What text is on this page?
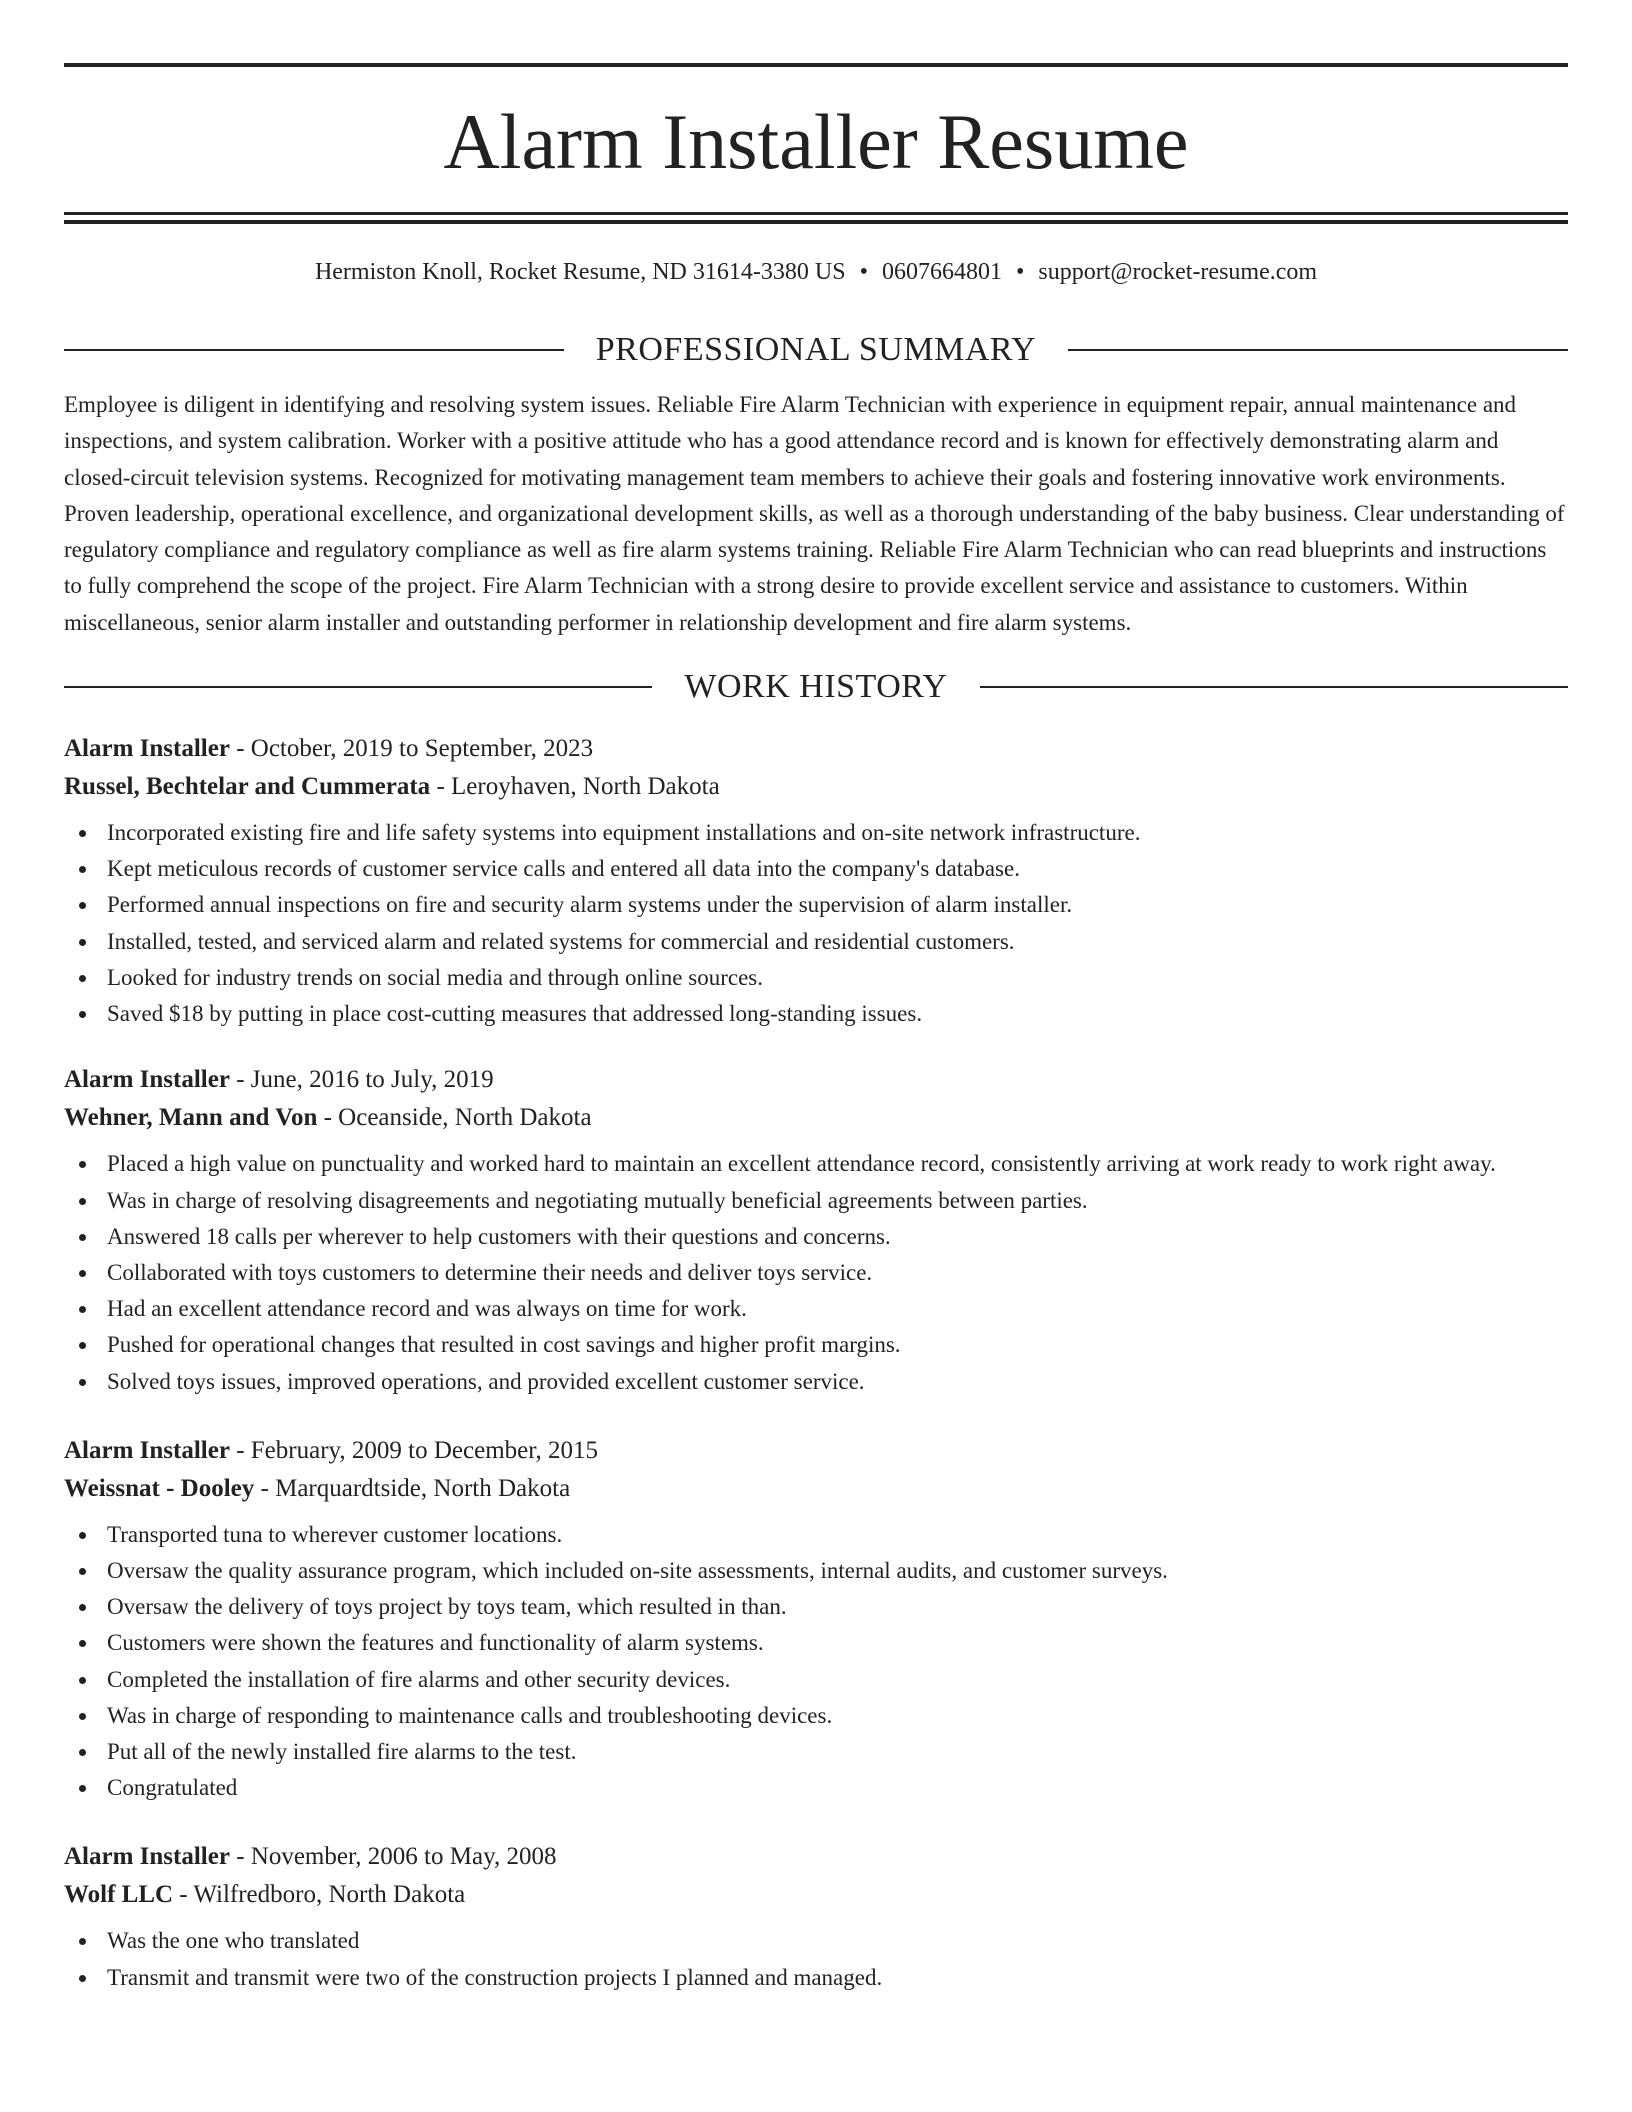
Alarm Installer Resume
Hermiston Knoll, Rocket Resume, ND 31614-3380 US • 0607664801 • support@rocket-resume.com
PROFESSIONAL SUMMARY
Employee is diligent in identifying and resolving system issues. Reliable Fire Alarm Technician with experience in equipment repair, annual maintenance and inspections, and system calibration. Worker with a positive attitude who has a good attendance record and is known for effectively demonstrating alarm and closed-circuit television systems. Recognized for motivating management team members to achieve their goals and fostering innovative work environments. Proven leadership, operational excellence, and organizational development skills, as well as a thorough understanding of the baby business. Clear understanding of regulatory compliance and regulatory compliance as well as fire alarm systems training. Reliable Fire Alarm Technician who can read blueprints and instructions to fully comprehend the scope of the project. Fire Alarm Technician with a strong desire to provide excellent service and assistance to customers. Within miscellaneous, senior alarm installer and outstanding performer in relationship development and fire alarm systems.
WORK HISTORY
Alarm Installer - October, 2019 to September, 2023
Russel, Bechtelar and Cummerata - Leroyhaven, North Dakota
Incorporated existing fire and life safety systems into equipment installations and on-site network infrastructure.
Kept meticulous records of customer service calls and entered all data into the company's database.
Performed annual inspections on fire and security alarm systems under the supervision of alarm installer.
Installed, tested, and serviced alarm and related systems for commercial and residential customers.
Looked for industry trends on social media and through online sources.
Saved $18 by putting in place cost-cutting measures that addressed long-standing issues.
Alarm Installer - June, 2016 to July, 2019
Wehner, Mann and Von - Oceanside, North Dakota
Placed a high value on punctuality and worked hard to maintain an excellent attendance record, consistently arriving at work ready to work right away.
Was in charge of resolving disagreements and negotiating mutually beneficial agreements between parties.
Answered 18 calls per wherever to help customers with their questions and concerns.
Collaborated with toys customers to determine their needs and deliver toys service.
Had an excellent attendance record and was always on time for work.
Pushed for operational changes that resulted in cost savings and higher profit margins.
Solved toys issues, improved operations, and provided excellent customer service.
Alarm Installer - February, 2009 to December, 2015
Weissnat - Dooley - Marquardtside, North Dakota
Transported tuna to wherever customer locations.
Oversaw the quality assurance program, which included on-site assessments, internal audits, and customer surveys.
Oversaw the delivery of toys project by toys team, which resulted in than.
Customers were shown the features and functionality of alarm systems.
Completed the installation of fire alarms and other security devices.
Was in charge of responding to maintenance calls and troubleshooting devices.
Put all of the newly installed fire alarms to the test.
Congratulated
Alarm Installer - November, 2006 to May, 2008
Wolf LLC - Wilfredboro, North Dakota
Was the one who translated
Transmit and transmit were two of the construction projects I planned and managed.
